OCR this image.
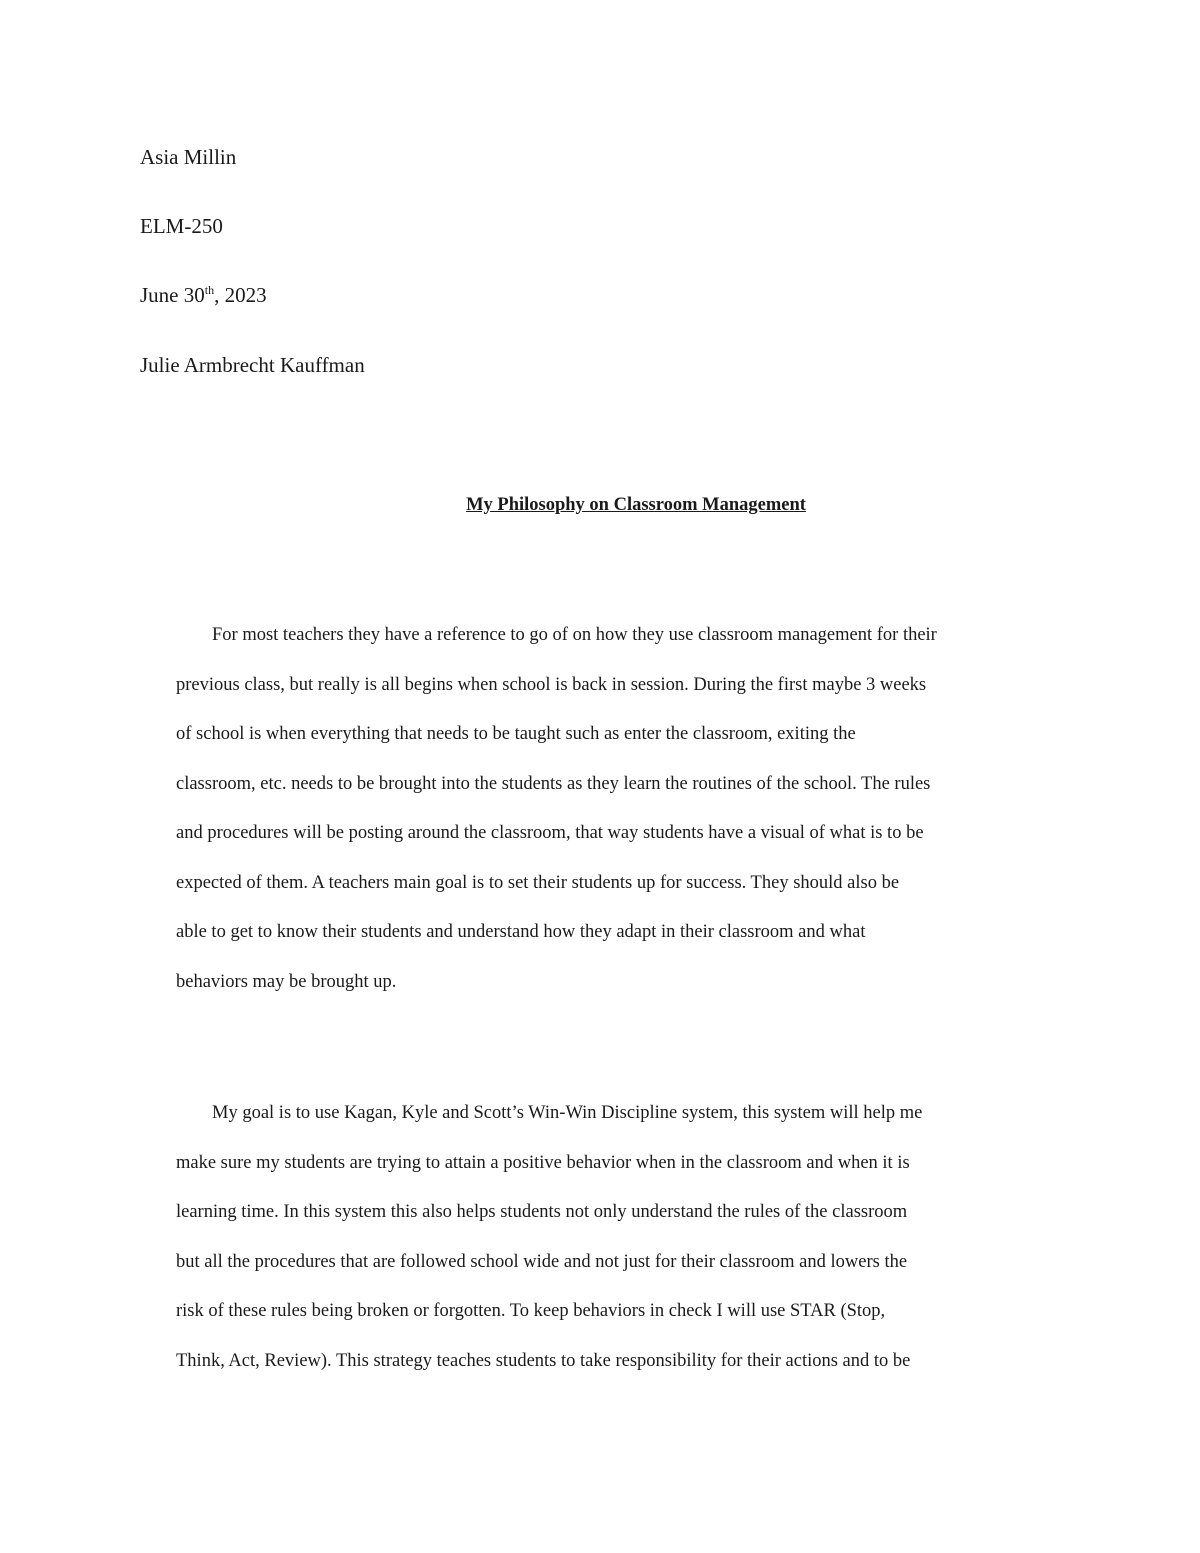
Asia Millin
ELM-250
June 30th, 2023
Julie Armbrecht Kauffman
My Philosophy on Classroom Management
For most teachers they have a reference to go of on how they use classroom management for their
previous class, but really is all begins when school is back in session. During the first maybe 3 weeks
of school is when everything that needs to be taught such as enter the classroom, exiting the
classroom, etc. needs to be brought into the students as they learn the routines of the school. The rules
and procedures will be posting around the classroom, that way students have a visual of what is to be
expected of them. A teachers main goal is to set their students up for success. They should also be
able to get to know their students and understand how they adapt in their classroom and what
behaviors may be brought up.
My goal is to use Kagan, Kyle and Scott’s Win-Win Discipline system, this system will help me
make sure my students are trying to attain a positive behavior when in the classroom and when it is
learning time. In this system this also helps students not only understand the rules of the classroom
but all the procedures that are followed school wide and not just for their classroom and lowers the
risk of these rules being broken or forgotten. To keep behaviors in check I will use STAR (Stop,
Think, Act, Review). This strategy teaches students to take responsibility for their actions and to be
